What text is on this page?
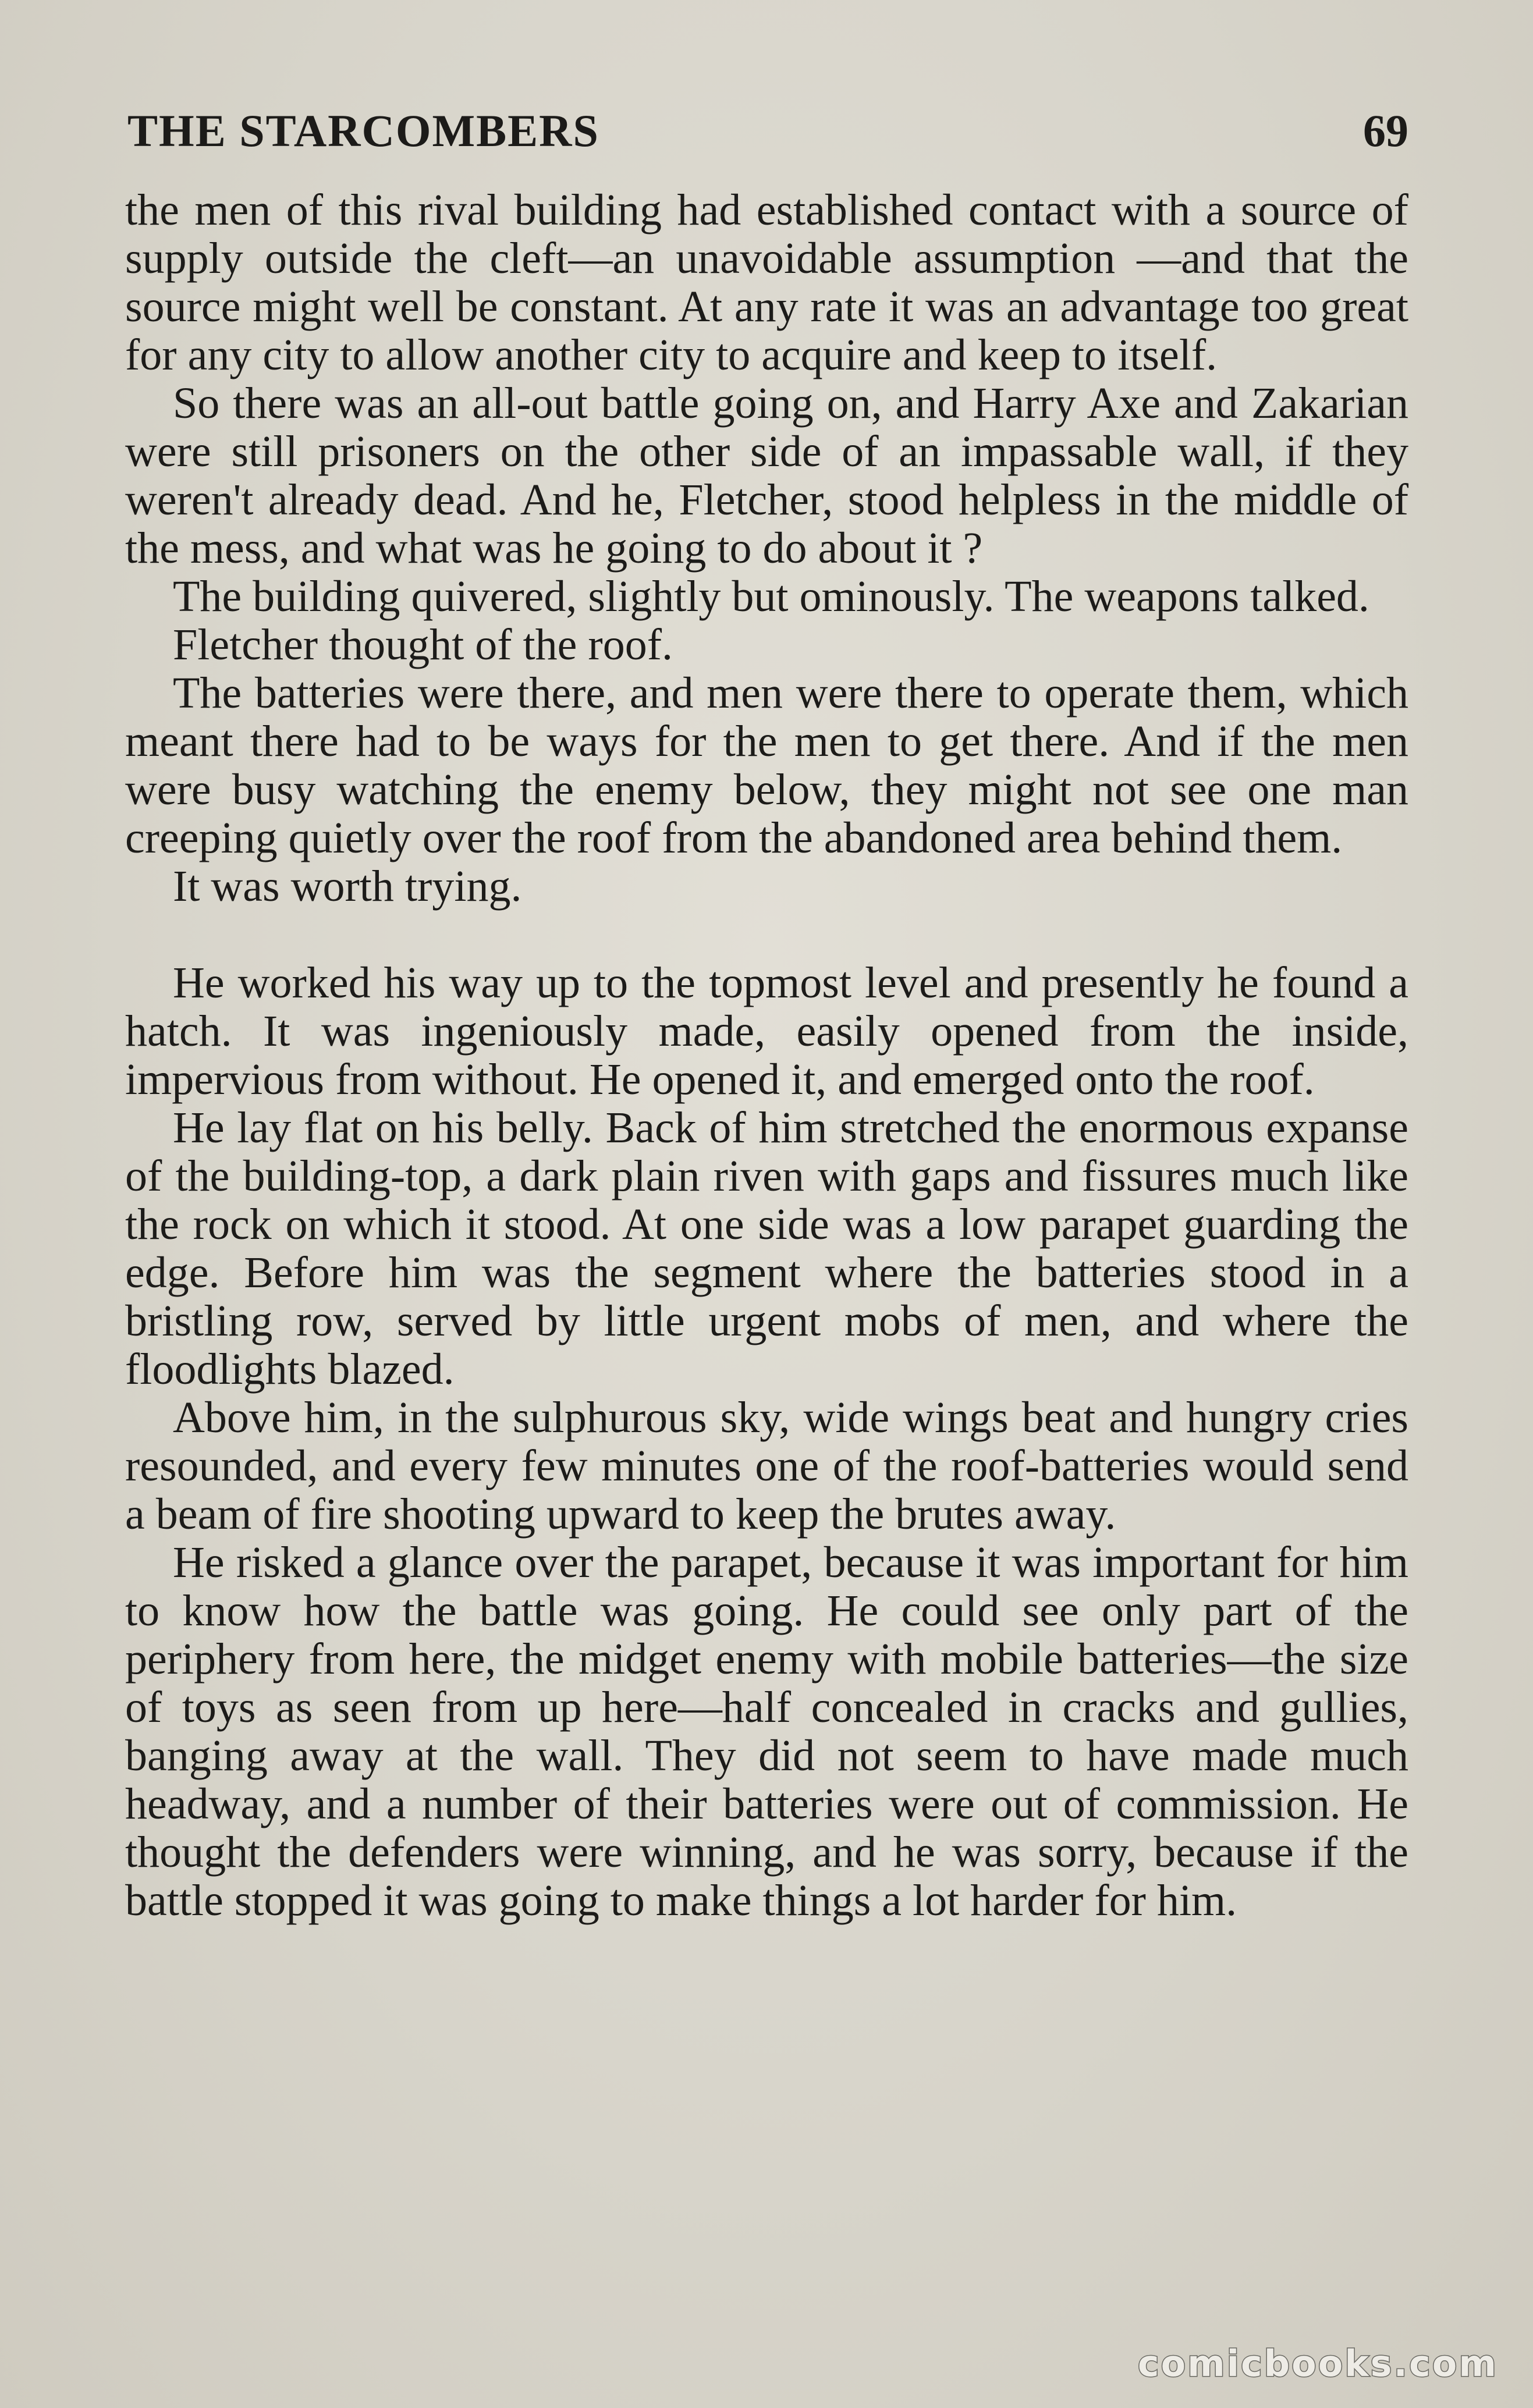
THE STARCOMBERS	69

the men of this rival building had established contact with a source of supply outside the cleft—an unavoidable assumption —and that the source might well be constant. At any rate it was an advantage too great for any city to allow another city to acquire and keep to itself.

So there was an all-out battle going on, and Harry Axe and Zakarian were still prisoners on the other side of an impassable wall, if they weren't already dead. And he, Fletcher, stood helpless in the middle of the mess, and what was he going to do about it ?

The building quivered, slightly but ominously. The weapons talked.

Fletcher thought of the roof.

The batteries were there, and men were there to operate them, which meant there had to be ways for the men to get there. And if the men were busy watching the enemy below, they might not see one man creeping quietly over the roof from the abandoned area behind them.

It was worth trying.

He worked his way up to the topmost level and presently he found a hatch. It was ingeniously made, easily opened from the inside, impervious from without. He opened it, and emerged onto the roof.

He lay flat on his belly. Back of him stretched the enormous expanse of the building-top, a dark plain riven with gaps and fissures much like the rock on which it stood. At one side was a low parapet guarding the edge. Before him was the segment where the batteries stood in a bristling row, served by little urgent mobs of men, and where the floodlights blazed.

Above him, in the sulphurous sky, wide wings beat and hungry cries resounded, and every few minutes one of the roof-batteries would send a beam of fire shooting upward to keep the brutes away.

He risked a glance over the parapet, because it was important for him to know how the battle was going. He could see only part of the periphery from here, the midget enemy with mobile batteries—the size of toys as seen from up here—half concealed in cracks and gullies, banging away at the wall. They did not seem to have made much headway, and a number of their batteries were out of commission. He thought the defenders were winning, and he was sorry, because if the battle stopped it was going to make things a lot harder for him.

comicbooks.com
